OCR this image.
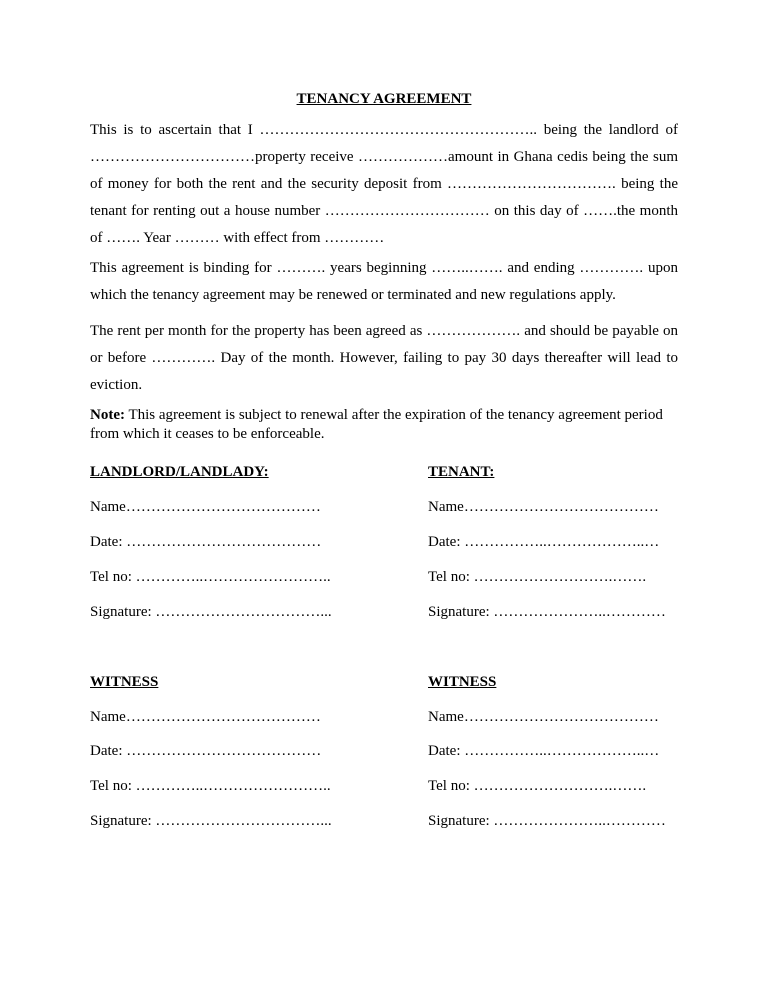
TENANCY AGREEMENT
This is to ascertain that I ……………………………………………….. being the landlord of
……………………………property receive ………………amount in Ghana cedis being the sum
of money for both the rent and the security deposit from ……………………………. being the
tenant for renting out a house number …………………………… on this day of …….the month
of ……. Year ……… with effect from …………
This agreement is binding for ………. years beginning ……..……. and ending …………. upon
which the tenancy agreement may be renewed or terminated and new regulations apply.
The rent per month for the property has been agreed as ………………. and should be payable on
or before …………. Day of the month. However, failing to pay 30 days thereafter will lead to
eviction.
Note: This agreement is subject to renewal after the expiration of the tenancy agreement period
from which it ceases to be enforceable.
LANDLORD/LANDLADY:
Name…………………………………
Date: …………………………………
Tel no: …………..……………………..
Signature: ……………………………...
TENANT:
Name…………………………………
Date: ……………..………………..…
Tel no: ……………………….…….
Signature: …………………..…………
WITNESS
Name…………………………………
Date: …………………………………
Tel no: …………..……………………..
Signature: ……………………………...
WITNESS
Name…………………………………
Date: ……………..………………..…
Tel no: ……………………….…….
Signature: …………………..…………
